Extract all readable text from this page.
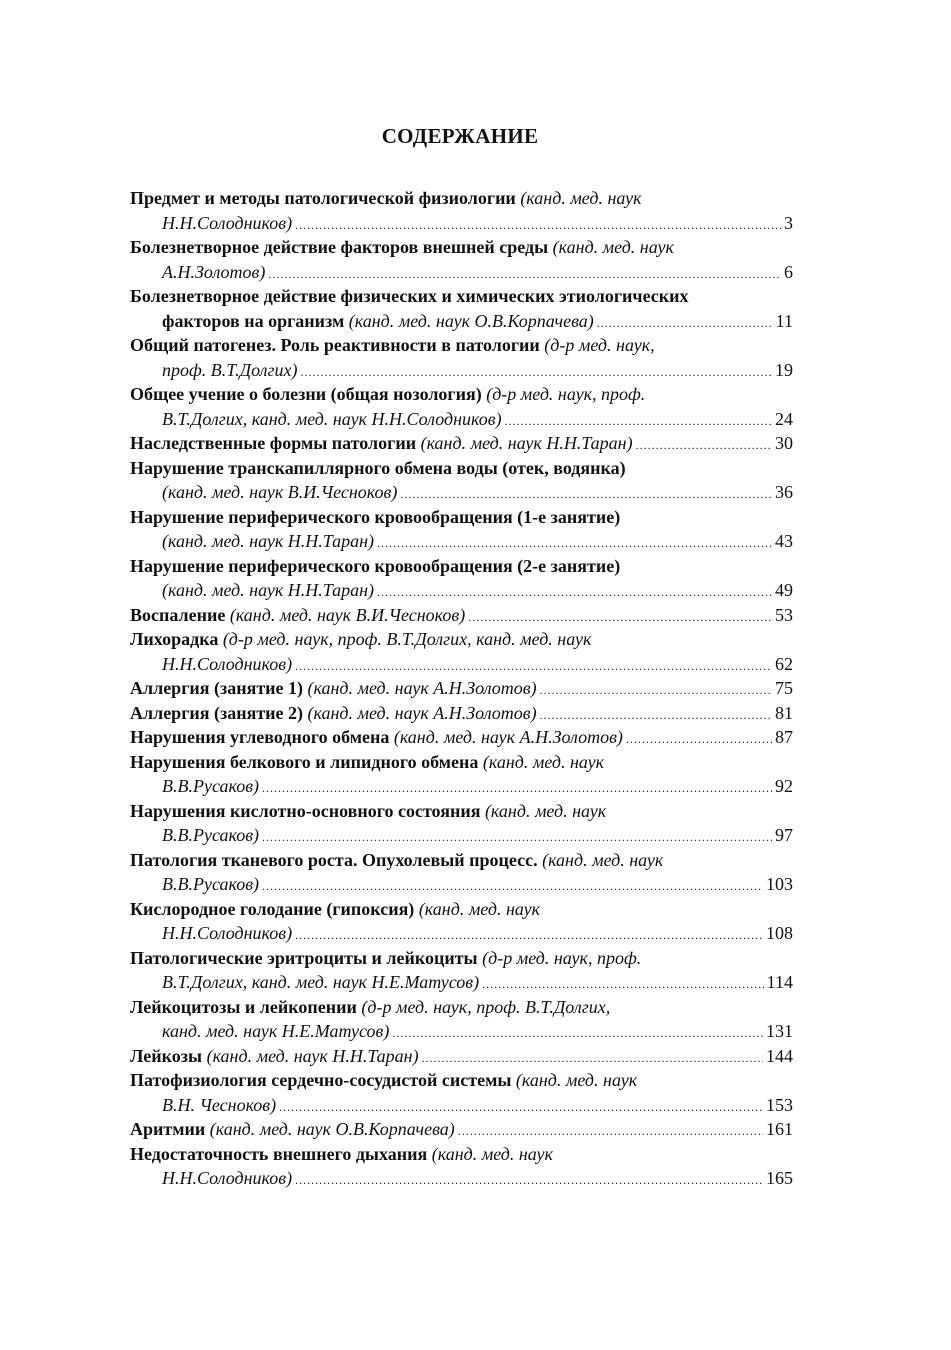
СОДЕРЖАНИЕ
Предмет и методы патологической физиологии (канд. мед. наук
Н.Н.Солодников) .....	3
Болезнетворное действие факторов внешней среды (канд. мед. наук
А.Н.Золотов) .....	6
Болезнетворное действие физических и химических этиологических
факторов на организм (канд. мед. наук О.В.Корпачева) .....	11
Общий патогенез. Роль реактивности в патологии (д-р мед. наук,
проф. В.Т.Долгих) .....	19
Общее учение о болезни (общая нозология) (д-р мед. наук, проф.
В.Т.Долгих, канд. мед. наук Н.Н.Солодников) .....	24
Наследственные формы патологии (канд. мед. наук Н.Н.Таран) .....	30
Нарушение транскапиллярного обмена воды (отек, водянка)
(канд. мед. наук В.И.Чесноков) .....	36
Нарушение периферического кровообращения (1-е занятие)
(канд. мед. наук Н.Н.Таран) .....	43
Нарушение периферического кровообращения (2-е занятие)
(канд. мед. наук Н.Н.Таран) .....	49
Воспаление (канд. мед. наук В.И.Чесноков) .....	53
Лихорадка (д-р мед. наук, проф. В.Т.Долгих, канд. мед. наук
Н.Н.Солодников) .....	62
Аллергия (занятие 1) (канд. мед. наук А.Н.Золотов) .....	75
Аллергия (занятие 2) (канд. мед. наук А.Н.Золотов) .....	81
Нарушения углеводного обмена (канд. мед. наук А.Н.Золотов) .....	87
Нарушения белкового и липидного обмена (канд. мед. наук
В.В.Русаков) .....	92
Нарушения кислотно-основного состояния (канд. мед. наук
В.В.Русаков) .....	97
Патология тканевого роста. Опухолевый процесс. (канд. мед. наук
В.В.Русаков) .....	103
Кислородное голодание (гипоксия) (канд. мед. наук
Н.Н.Солодников) .....	108
Патологические эритроциты и лейкоциты (д-р мед. наук, проф.
В.Т.Долгих, канд. мед. наук Н.Е.Матусов) .....	114
Лейкоцитозы и лейкопении (д-р мед. наук, проф. В.Т.Долгих,
канд. мед. наук Н.Е.Матусов) .....	131
Лейкозы (канд. мед. наук Н.Н.Таран) .....	144
Патофизиология сердечно-сосудистой системы (канд. мед. наук
В.Н. Чесноков) .....	153
Аритмии (канд. мед. наук О.В.Корпачева) .....	161
Недостаточность внешнего дыхания (канд. мед. наук
Н.Н.Солодников) .....	165
